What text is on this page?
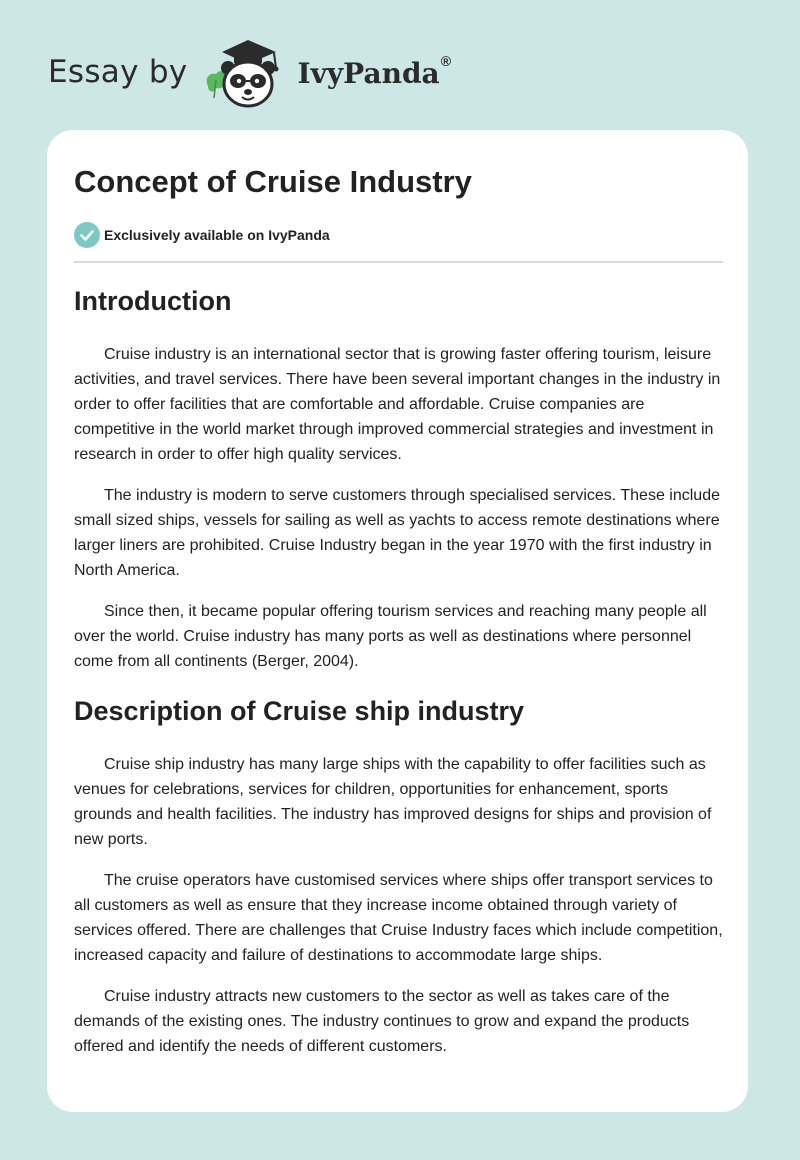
Essay by	IvyPanda®
Concept of Cruise Industry
Exclusively available on IvyPanda
Introduction

Cruise industry is an international sector that is growing faster offering tourism, leisure activities, and travel services. There have been several important changes in the industry in order to offer facilities that are comfortable and affordable. Cruise companies are competitive in the world market through improved commercial strategies and investment in research in order to offer high quality services.

The industry is modern to serve customers through specialised services. These include small sized ships, vessels for sailing as well as yachts to access remote destinations where larger liners are prohibited. Cruise Industry began in the year 1970 with the first industry in North America.

Since then, it became popular offering tourism services and reaching many people all over the world. Cruise industry has many ports as well as destinations where personnel come from all continents (Berger, 2004).

Description of Cruise ship industry

Cruise ship industry has many large ships with the capability to offer facilities such as venues for celebrations, services for children, opportunities for enhancement, sports grounds and health facilities. The industry has improved designs for ships and provision of new ports.

The cruise operators have customised services where ships offer transport services to all customers as well as ensure that they increase income obtained through variety of services offered. There are challenges that Cruise Industry faces which include competition, increased capacity and failure of destinations to accommodate large ships.

Cruise industry attracts new customers to the sector as well as takes care of the demands of the existing ones. The industry continues to grow and expand the products offered and identify the needs of different customers.
